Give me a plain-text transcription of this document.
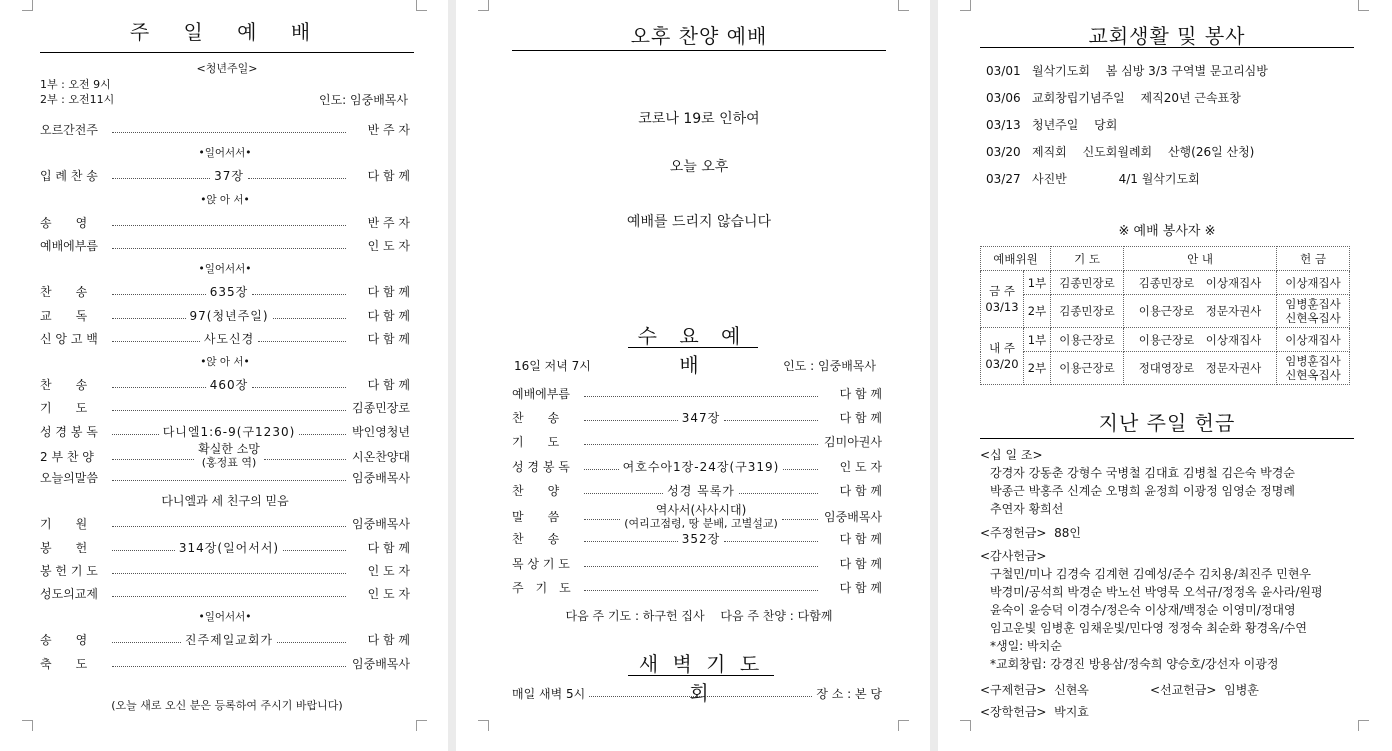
주 일 예 배
<청년주일>
1부 : 오전 9시
2부 : 오전11시	인도: 임중배목사
오르간전주	반 주 자
•일어서서•
입 례 찬 송	37장	다 함 께
•앉 아 서•
송　　영	반 주 자
예배에부름	인 도 자
•일어서서•
찬　　송	635장	다 함 께
교　　독	97(청년주일)	다 함 께
신 앙 고 백	사도신경	다 함 께
•앉 아 서•
찬　　송	460장	다 함 께
기　　도	김종민장로
성 경 봉 독	다니엘1:6-9(구1230)	박인영청년
2 부 찬 양
확실한 소망
(홍정표 역)	시온찬양대
오늘의말씀	임중배목사
다니엘과 세 친구의 믿음
기　　원	임중배목사
봉　　헌	314장(일어서서)	다 함 께
봉 헌 기 도	인 도 자
성도의교제	인 도 자
•일어서서•
송　　영	진주제일교회가	다 함 께
축　　도	임중배목사
(오늘 새로 오신 분은 등록하여 주시기 바랍니다)
오후 찬양 예배
코로나 19로 인하여
오늘 오후
예배를 드리지 않습니다
수 요 예 배
16일 저녁 7시	인도 : 임중배목사
예배에부름	다 함 께
찬　　송	347장	다 함 께
기　　도	김미아권사
성 경 봉 독	여호수아1장-24장(구319)	인 도 자
찬　　양	성경 목록가	다 함 께
말　　씀
역사서(사사시대)
(여리고점령, 땅 분배, 고별설교)	임중배목사
찬　　송	352장	다 함 께
목 상 기 도	다 함 께
주　기　도	다 함 께
다음 주 기도 : 하구헌 집사　 다음 주 찬양 : 다함께
새 벽 기 도 회
매일 새벽 5시	장 소 : 본 당
교회생활 및 봉사
03/01 월삭기도회　 봄 심방 3/3 구역별 문고리심방
03/06 교회창립기념주일　 제직20년 근속표창
03/13 청년주일　 당회
03/20 제직회　 신도회월례회　 산행(26일 산청)
03/27 사진반　　　　 4/1 월삭기도회
※ 예배 봉사자 ※
예배위원		기 도	안 내	헌 금
금 주
03/13	1부	김종민장로	김종민장로　이상재집사	이상재집사
	2부	김종민장로	이용근장로　정문자권사	임병훈집사
신현옥집사
내 주
03/20	1부	이용근장로	이용근장로　이상재집사	이상재집사
	2부	이용근장로	정대영장로　정문자권사	임병훈집사
신현옥집사
지난 주일 헌금
<십 일 조>
강경자 강동춘 강형수 국병철 김대효 김병철 김은숙 박경순
박종근 박홍주 신계순 오명희 윤정희 이광정 임영순 정명례
추연자 황희선
<주정헌금> 88인
<감사헌금>
구철민/미나 김경숙 김계현 김예성/준수 김치용/최진주 민현우
박경미/공석희 박경순 박노선 박영묵 오석규/정정옥 윤사라/원평
윤숙이 윤승덕 이경수/정은숙 이상재/백정순 이영미/정대영
임고운빛 임병훈 임채운빛/민다영 정정숙 최순화 황경옥/수연
*생일: 박치순
*교회창립: 강경진 방용삼/정숙희 양승호/강선자 이광정
<구제헌금> 신현옥	<선교헌금> 임병훈
<장학헌금> 박지효
